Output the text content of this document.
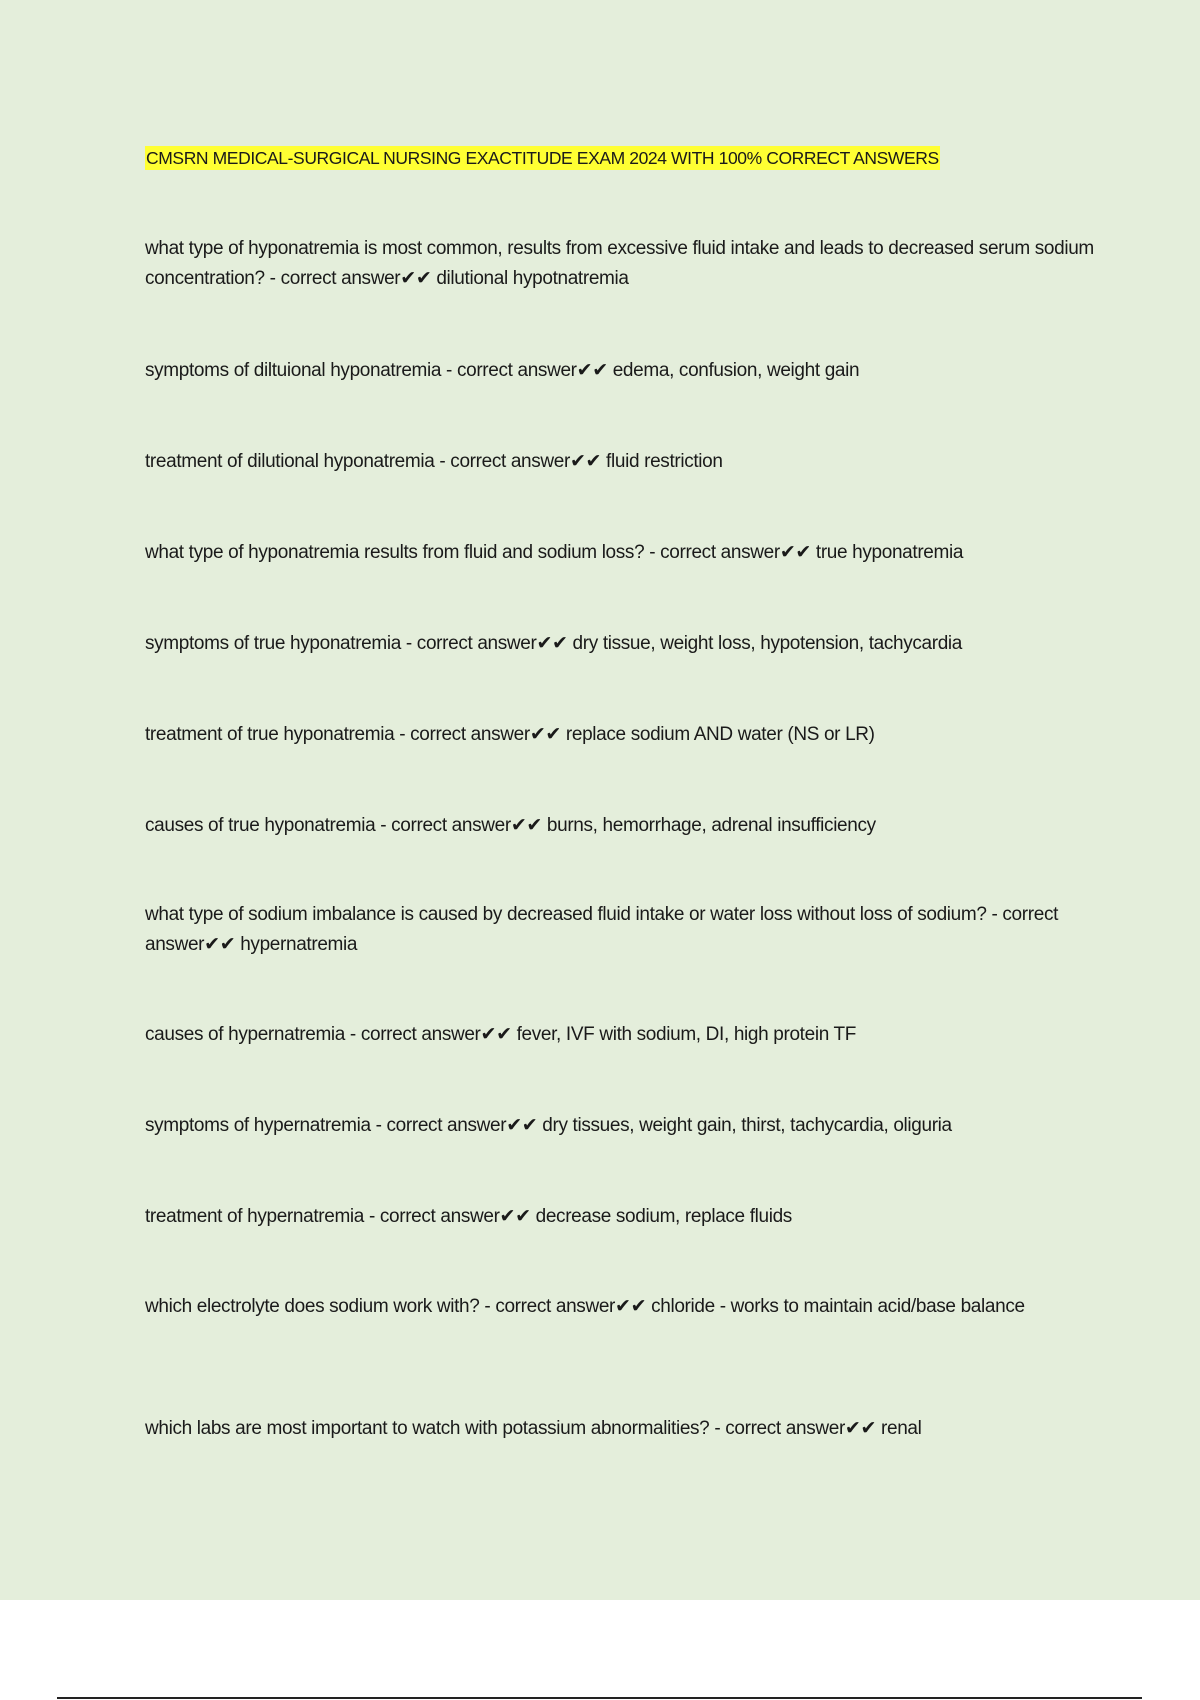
CMSRN MEDICAL-SURGICAL NURSING EXACTITUDE EXAM 2024 WITH 100% CORRECT ANSWERS
what type of hyponatremia is most common, results from excessive fluid intake and leads to decreased serum sodium concentration? - correct answer✔✔ dilutional hypotnatremia
symptoms of diltuional hyponatremia - correct answer✔✔ edema, confusion, weight gain
treatment of dilutional hyponatremia - correct answer✔✔ fluid restriction
what type of hyponatremia results from fluid and sodium loss? - correct answer✔✔ true hyponatremia
symptoms of true hyponatremia - correct answer✔✔ dry tissue, weight loss, hypotension, tachycardia
treatment of true hyponatremia - correct answer✔✔ replace sodium AND water (NS or LR)
causes of true hyponatremia - correct answer✔✔ burns, hemorrhage, adrenal insufficiency
what type of sodium imbalance is caused by decreased fluid intake or water loss without loss of sodium? - correct answer✔✔ hypernatremia
causes of hypernatremia - correct answer✔✔ fever, IVF with sodium, DI, high protein TF
symptoms of hypernatremia - correct answer✔✔ dry tissues, weight gain, thirst, tachycardia, oliguria
treatment of hypernatremia - correct answer✔✔ decrease sodium, replace fluids
which electrolyte does sodium work with? - correct answer✔✔ chloride - works to maintain acid/base balance
which labs are most important to watch with potassium abnormalities? - correct answer✔✔ renal
